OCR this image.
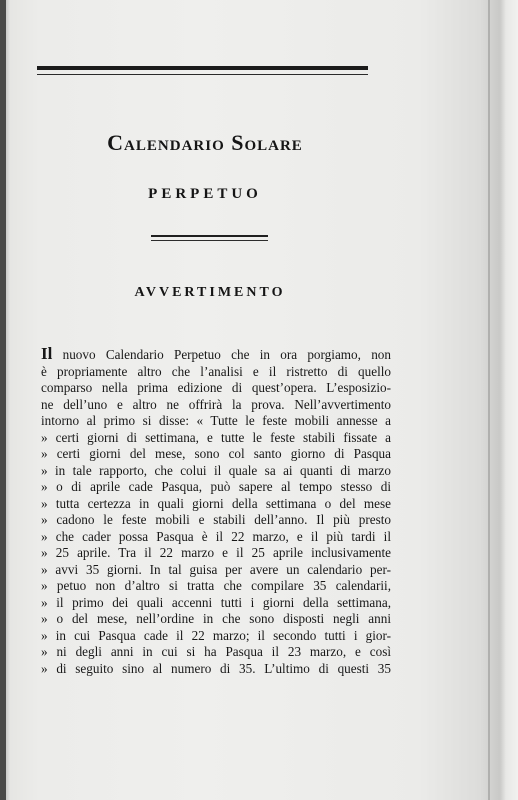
Calendario Solare
PERPETUO
AVVERTIMENTO
Il nuovo Calendario Perpetuo che in ora porgiamo, non
è propriamente altro che l’analisi e il ristretto di quello
comparso nella prima edizione di quest’opera. L’esposizio-
ne dell’uno e altro ne offrirà la prova. Nell’avvertimento
intorno al primo si disse: « Tutte le feste mobili annesse a
» certi giorni di settimana, e tutte le feste stabili fissate a
» certi giorni del mese, sono col santo giorno di Pasqua
» in tale rapporto, che colui il quale sa ai quanti di marzo
» o di aprile cade Pasqua, può sapere al tempo stesso di
» tutta certezza in quali giorni della settimana o del mese
» cadono le feste mobili e stabili dell’anno. Il più presto
» che cader possa Pasqua è il 22 marzo, e il più tardi il
» 25 aprile. Tra il 22 marzo e il 25 aprile inclusivamente
» avvi 35 giorni. In tal guisa per avere un calendario per-
» petuo non d’altro si tratta che compilare 35 calendarii,
» il primo dei quali accenni tutti i giorni della settimana,
» o del mese, nell’ordine in che sono disposti negli anni
» in cui Pasqua cade il 22 marzo; il secondo tutti i gior-
» ni degli anni in cui si ha Pasqua il 23 marzo, e così
» di seguito sino al numero di 35. L’ultimo di questi 35
